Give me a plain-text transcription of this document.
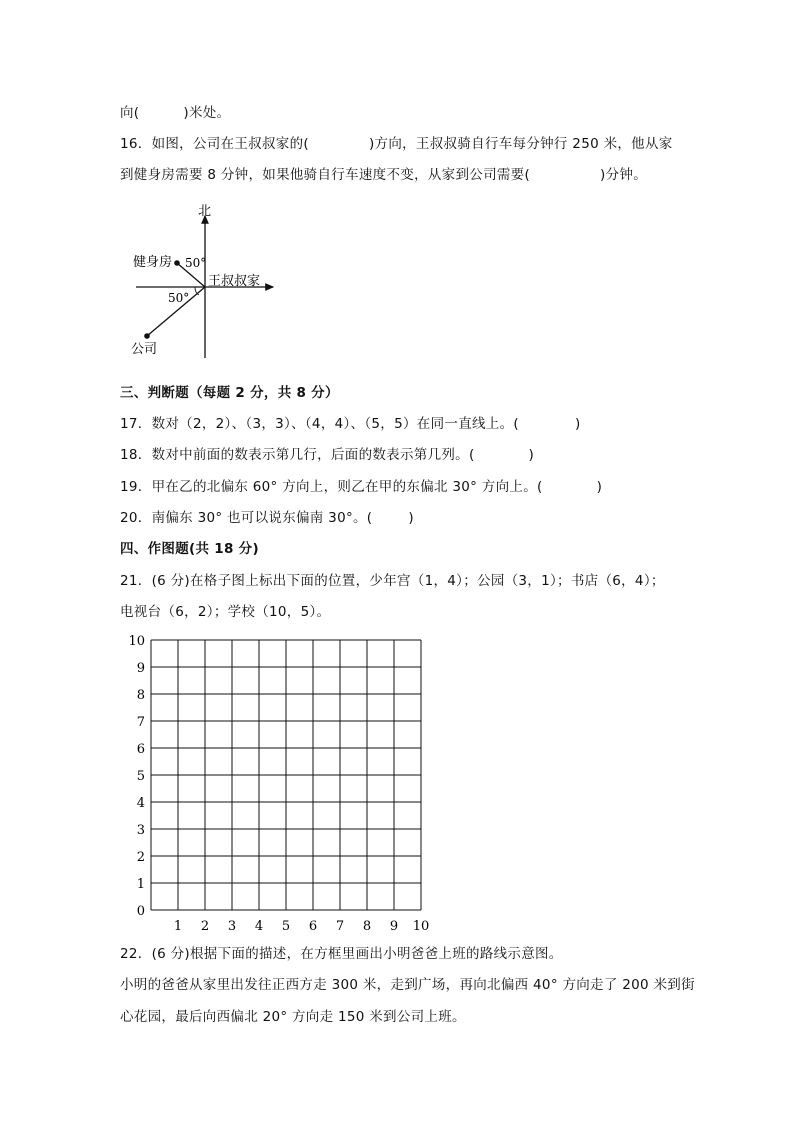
向(	)米处。
16．如图，公司在王叔叔家的(	)方向，王叔叔骑自行车每分钟行 250 米，他从家
到健身房需要 8 分钟，如果他骑自行车速度不变，从家到公司需要(	)分钟。
北
健身房 50°
王叔叔家
50°
公司
三、判断题（每题 2 分，共 8 分）
17．数对（2，2）、（3，3）、（4，4）、（5，5）在同一直线上。(	)
18．数对中前面的数表示第几行，后面的数表示第几列。(	)
19．甲在乙的北偏东 60° 方向上，则乙在甲的东偏北 30° 方向上。(	)
20．南偏东 30° 也可以说东偏南 30°。(	)
四、作图题(共 18 分)
21．(6 分)在格子图上标出下面的位置，少年宫（1，4）；公园（3，1）；书店（6，4）；
电视台（6，2）；学校（10，5）。
10
9
8
7
6
5
4
3
2
1
0
1 2 3 4 5 6 7 8 9 10
22．(6 分)根据下面的描述，在方框里画出小明爸爸上班的路线示意图。
小明的爸爸从家里出发往正西方走 300 米，走到广场，再向北偏西 40° 方向走了 200 米到街
心花园，最后向西偏北 20° 方向走 150 米到公司上班。
